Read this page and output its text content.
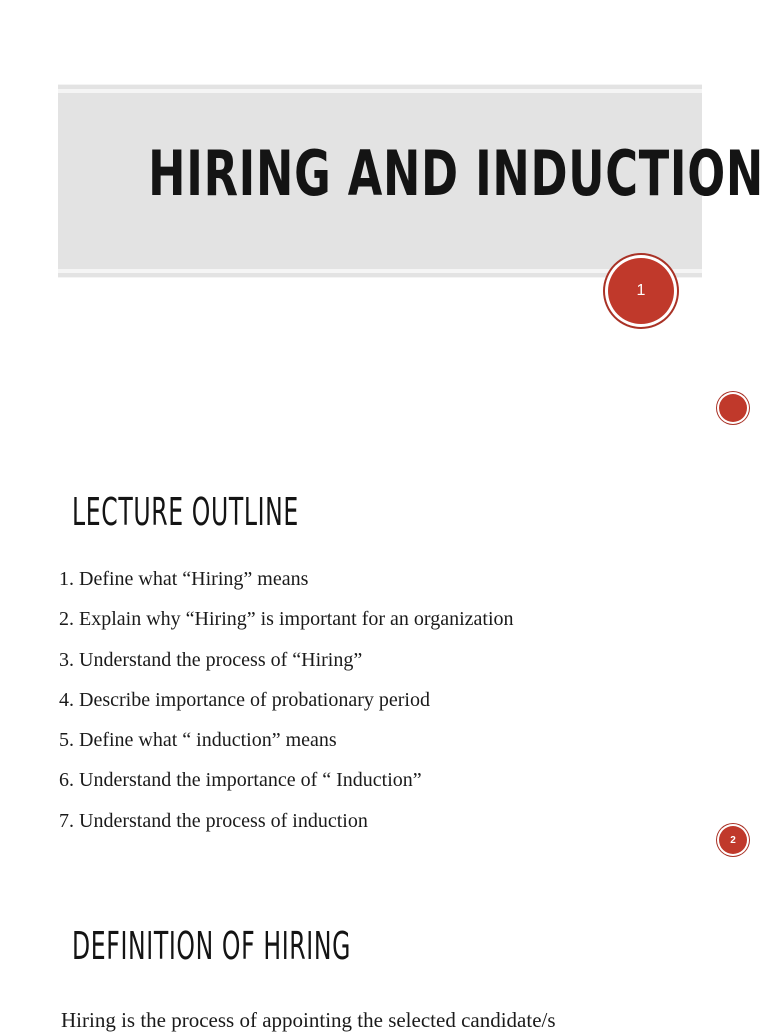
HIRING AND INDUCTION
1
LECTURE OUTLINE
1. Define what “Hiring” means
2. Explain why “Hiring” is important for an organization
3. Understand the process of “Hiring”
4. Describe importance of probationary period
5. Define what “ induction” means
6. Understand the importance of “ Induction”
7. Understand the process of induction
2
DEFINITION OF HIRING
Hiring is the process of appointing the selected candidate/s
